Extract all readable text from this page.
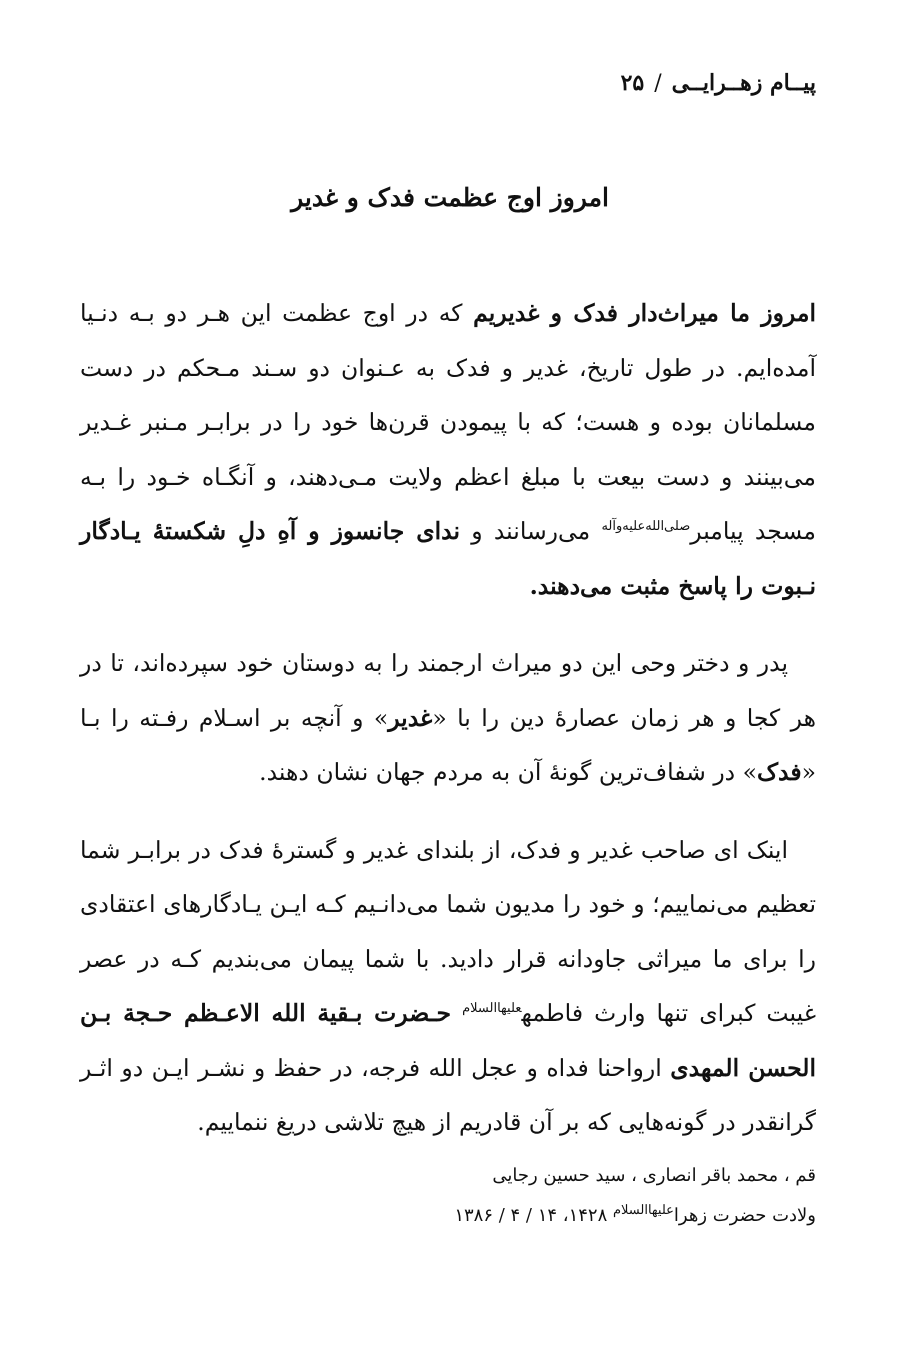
پیــام زهــرایــی/۲۵
امروز اوج عظمت فدک و غدیر

امروز ما میراث‌دار فدک و غدیریم که در اوج عظمت این هـر دو بـه دنـیا آمده‌ایم. در طول تاریخ، غدیر و فدک به عـنوان دو سـند مـحکم در دست مسلمانان بوده و هست؛ که با پیمودن قرن‌ها خود را در برابـر مـنبر غـدیر می‌بینند و دست بیعت با مبلغ اعظم ولایت مـی‌دهند، و آنگـاه خـود را بـه مسجد پیامبر$^{صلی‌الله‌علیه‌وآله}$ می‌رسانند و ندای جانسوز و آهِ دلِ شکستهٔ یـادگار نـبوت را پاسخ مثبت می‌دهند.

پدر و دختر وحی این دو میراث ارجمند را به دوستان خود سپرده‌اند، تا در هر کجا و هر زمان عصارهٔ دین را با «غدیر» و آنچه بر اسـلام رفـته را بـا «فدک» در شفاف‌ترین گونهٔ آن به مردم جهان نشان دهند.

اینک ای صاحب غدیر و فدک، از بلندای غدیر و گسترهٔ فدک در برابـر شما تعظیم می‌نماییم؛ و خود را مدیون شما می‌دانـیم کـه ایـن یـادگارهای اعتقادی را برای ما میراثی جاودانه قرار دادید. با شما پیمان می‌بندیم کـه در عصر غیبت کبرای تنها وارث فاطمه$^{علیهاالسلام}$ حـضرت بـقیة الله الاعـظم حـجة بـن الحسن المهدی ارواحنا فداه و عجل الله فرجه، در حفظ و نشـر ایـن دو اثـر گرانقدر در گونه‌هایی که بر آن قادریم از هیچ تلاشی دریغ ننماییم.

قم ، محمد باقر انصاری ، سید حسین رجایی
ولادت حضرت زهرا$^{علیهاالسلام}$ ۱۴۲۸، ۱۴ / ۴ / ۱۳۸۶
